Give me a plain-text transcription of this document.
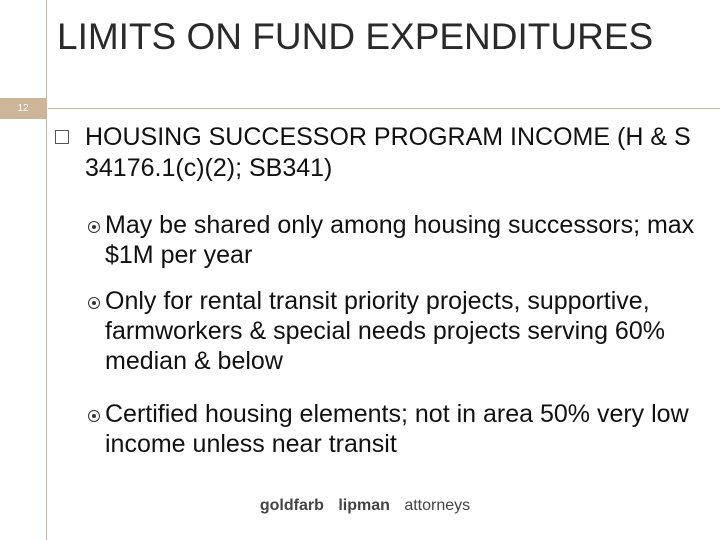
12
LIMITS ON FUND EXPENDITURES
HOUSING SUCCESSOR PROGRAM INCOME (H & S 34176.1(c)(2); SB341)
May be shared only among housing successors; max $1M per year
Only for rental transit priority projects, supportive, farmworkers & special needs projects serving 60% median & below
Certified housing elements; not in area 50% very low income unless near transit
goldfarb lipman attorneys
